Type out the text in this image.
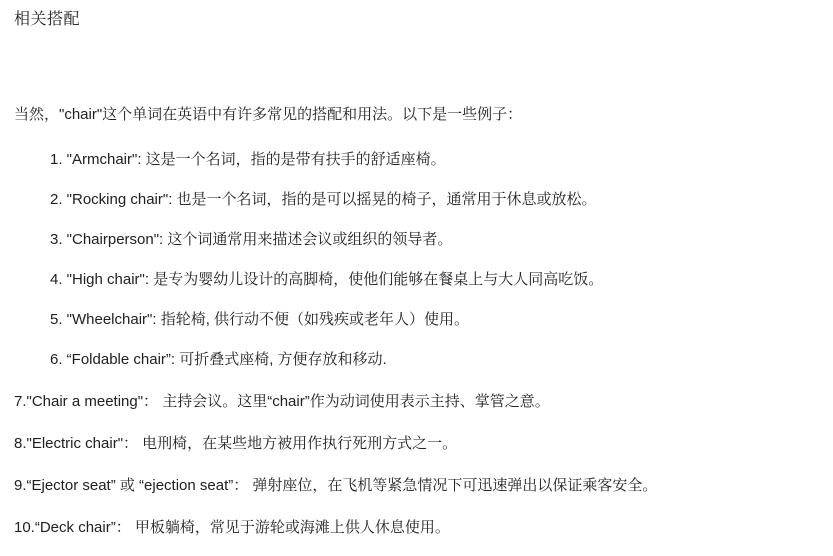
相关搭配

当然，"chair"这个单词在英语中有许多常见的搭配和用法。以下是一些例子：

1. "Armchair": 这是一个名词，指的是带有扶手的舒适座椅。

2. "Rocking chair": 也是一个名词，指的是可以摇晃的椅子，通常用于休息或放松。

3. "Chairperson": 这个词通常用来描述会议或组织的领导者。

4. "High chair": 是专为婴幼儿设计的高脚椅，使他们能够在餐桌上与大人同高吃饭。

5. "Wheelchair": 指轮椅, 供行动不便（如残疾或老年人）使用。

6. “Foldable chair”: 可折叠式座椅, 方便存放和移动.

7."Chair a meeting"： 主持会议。这里“chair”作为动词使用表示主持、掌管之意。

8."Electric chair"： 电刑椅，在某些地方被用作执行死刑方式之一。

9.“Ejector seat” 或 “ejection seat”： 弹射座位，在飞机等紧急情况下可迅速弹出以保证乘客安全。

10.“Deck chair”： 甲板躺椅，常见于游轮或海滩上供人休息使用。
